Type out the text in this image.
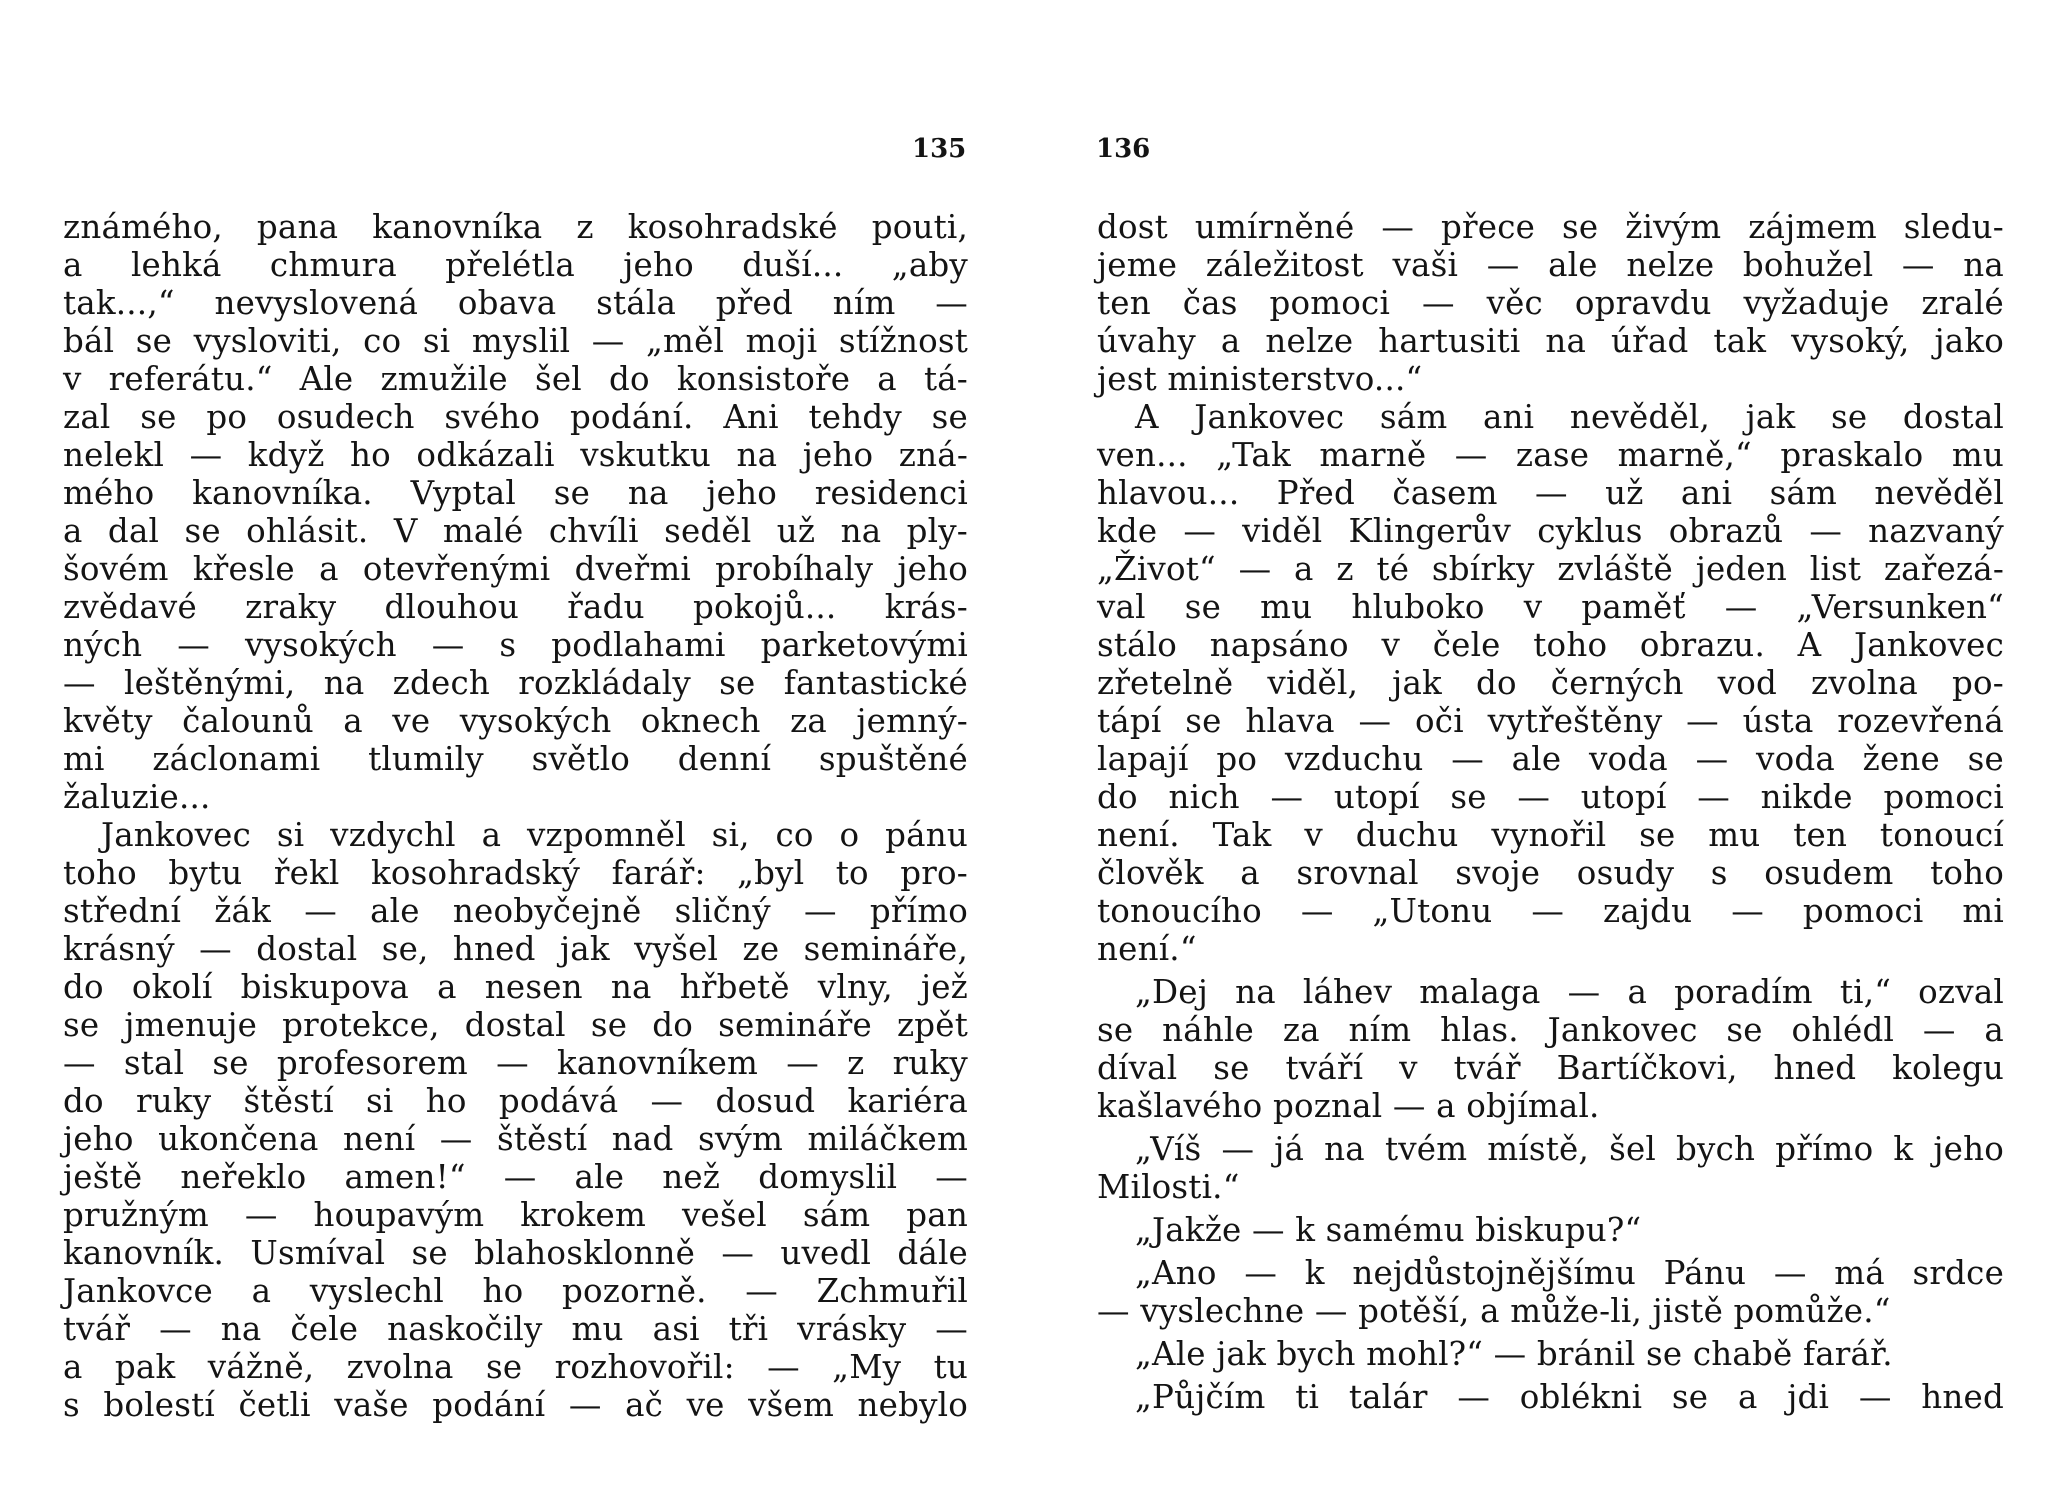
135
známého, pana kanovníka z kosohradské pouti,
a lehká chmura přelétla jeho duší... „aby
tak...,“ nevyslovená obava stála před ním —
bál se vysloviti, co si myslil — „měl moji stížnost
v referátu.“ Ale zmužile šel do konsistoře a tá-
zal se po osudech svého podání. Ani tehdy se
nelekl — když ho odkázali vskutku na jeho zná-
mého kanovníka. Vyptal se na jeho residenci
a dal se ohlásit. V malé chvíli seděl už na ply-
šovém křesle a otevřenými dveřmi probíhaly jeho
zvědavé zraky dlouhou řadu pokojů... krás-
ných — vysokých — s podlahami parketovými
— leštěnými, na zdech rozkládaly se fantastické
květy čalounů a ve vysokých oknech za jemný-
mi záclonami tlumily světlo denní spuštěné
žaluzie...
Jankovec si vzdychl a vzpomněl si, co o pánu
toho bytu řekl kosohradský farář: „byl to pro-
střední žák — ale neobyčejně sličný — přímo
krásný — dostal se, hned jak vyšel ze semináře,
do okolí biskupova a nesen na hřbetě vlny, jež
se jmenuje protekce, dostal se do semináře zpět
— stal se profesorem — kanovníkem — z ruky
do ruky štěstí si ho podává — dosud kariéra
jeho ukončena není — štěstí nad svým miláčkem
ještě neřeklo amen!“ — ale než domyslil —
pružným — houpavým krokem vešel sám pan
kanovník. Usmíval se blahosklonně — uvedl dále
Jankovce a vyslechl ho pozorně. — Zchmuřil
tvář — na čele naskočily mu asi tři vrásky —
a pak vážně, zvolna se rozhovořil: — „My tu
s bolestí četli vaše podání — ač ve všem nebylo
136
dost umírněné — přece se živým zájmem sledu-
jeme záležitost vaši — ale nelze bohužel — na
ten čas pomoci — věc opravdu vyžaduje zralé
úvahy a nelze hartusiti na úřad tak vysoký, jako
jest ministerstvo...“
A Jankovec sám ani nevěděl, jak se dostal
ven... „Tak marně — zase marně,“ praskalo mu
hlavou... Před časem — už ani sám nevěděl
kde — viděl Klingerův cyklus obrazů — nazvaný
„Život“ — a z té sbírky zvláště jeden list zařezá-
val se mu hluboko v paměť — „Versunken“
stálo napsáno v čele toho obrazu. A Jankovec
zřetelně viděl, jak do černých vod zvolna po-
tápí se hlava — oči vytřeštěny — ústa rozevřená
lapají po vzduchu — ale voda — voda žene se
do nich — utopí se — utopí — nikde pomoci
není. Tak v duchu vynořil se mu ten tonoucí
člověk a srovnal svoje osudy s osudem toho
tonoucího — „Utonu — zajdu — pomoci mi
není.“
„Dej na láhev malaga — a poradím ti,“ ozval
se náhle za ním hlas. Jankovec se ohlédl — a
díval se tváří v tvář Bartíčkovi, hned kolegu
kašlavého poznal — a objímal.
„Víš — já na tvém místě, šel bych přímo k jeho
Milosti.“
„Jakže — k samému biskupu?“
„Ano — k nejdůstojnějšímu Pánu — má srdce
— vyslechne — potěší, a může-li, jistě pomůže.“
„Ale jak bych mohl?“ — bránil se chabě farář.
„Půjčím ti talár — oblékni se a jdi — hned
